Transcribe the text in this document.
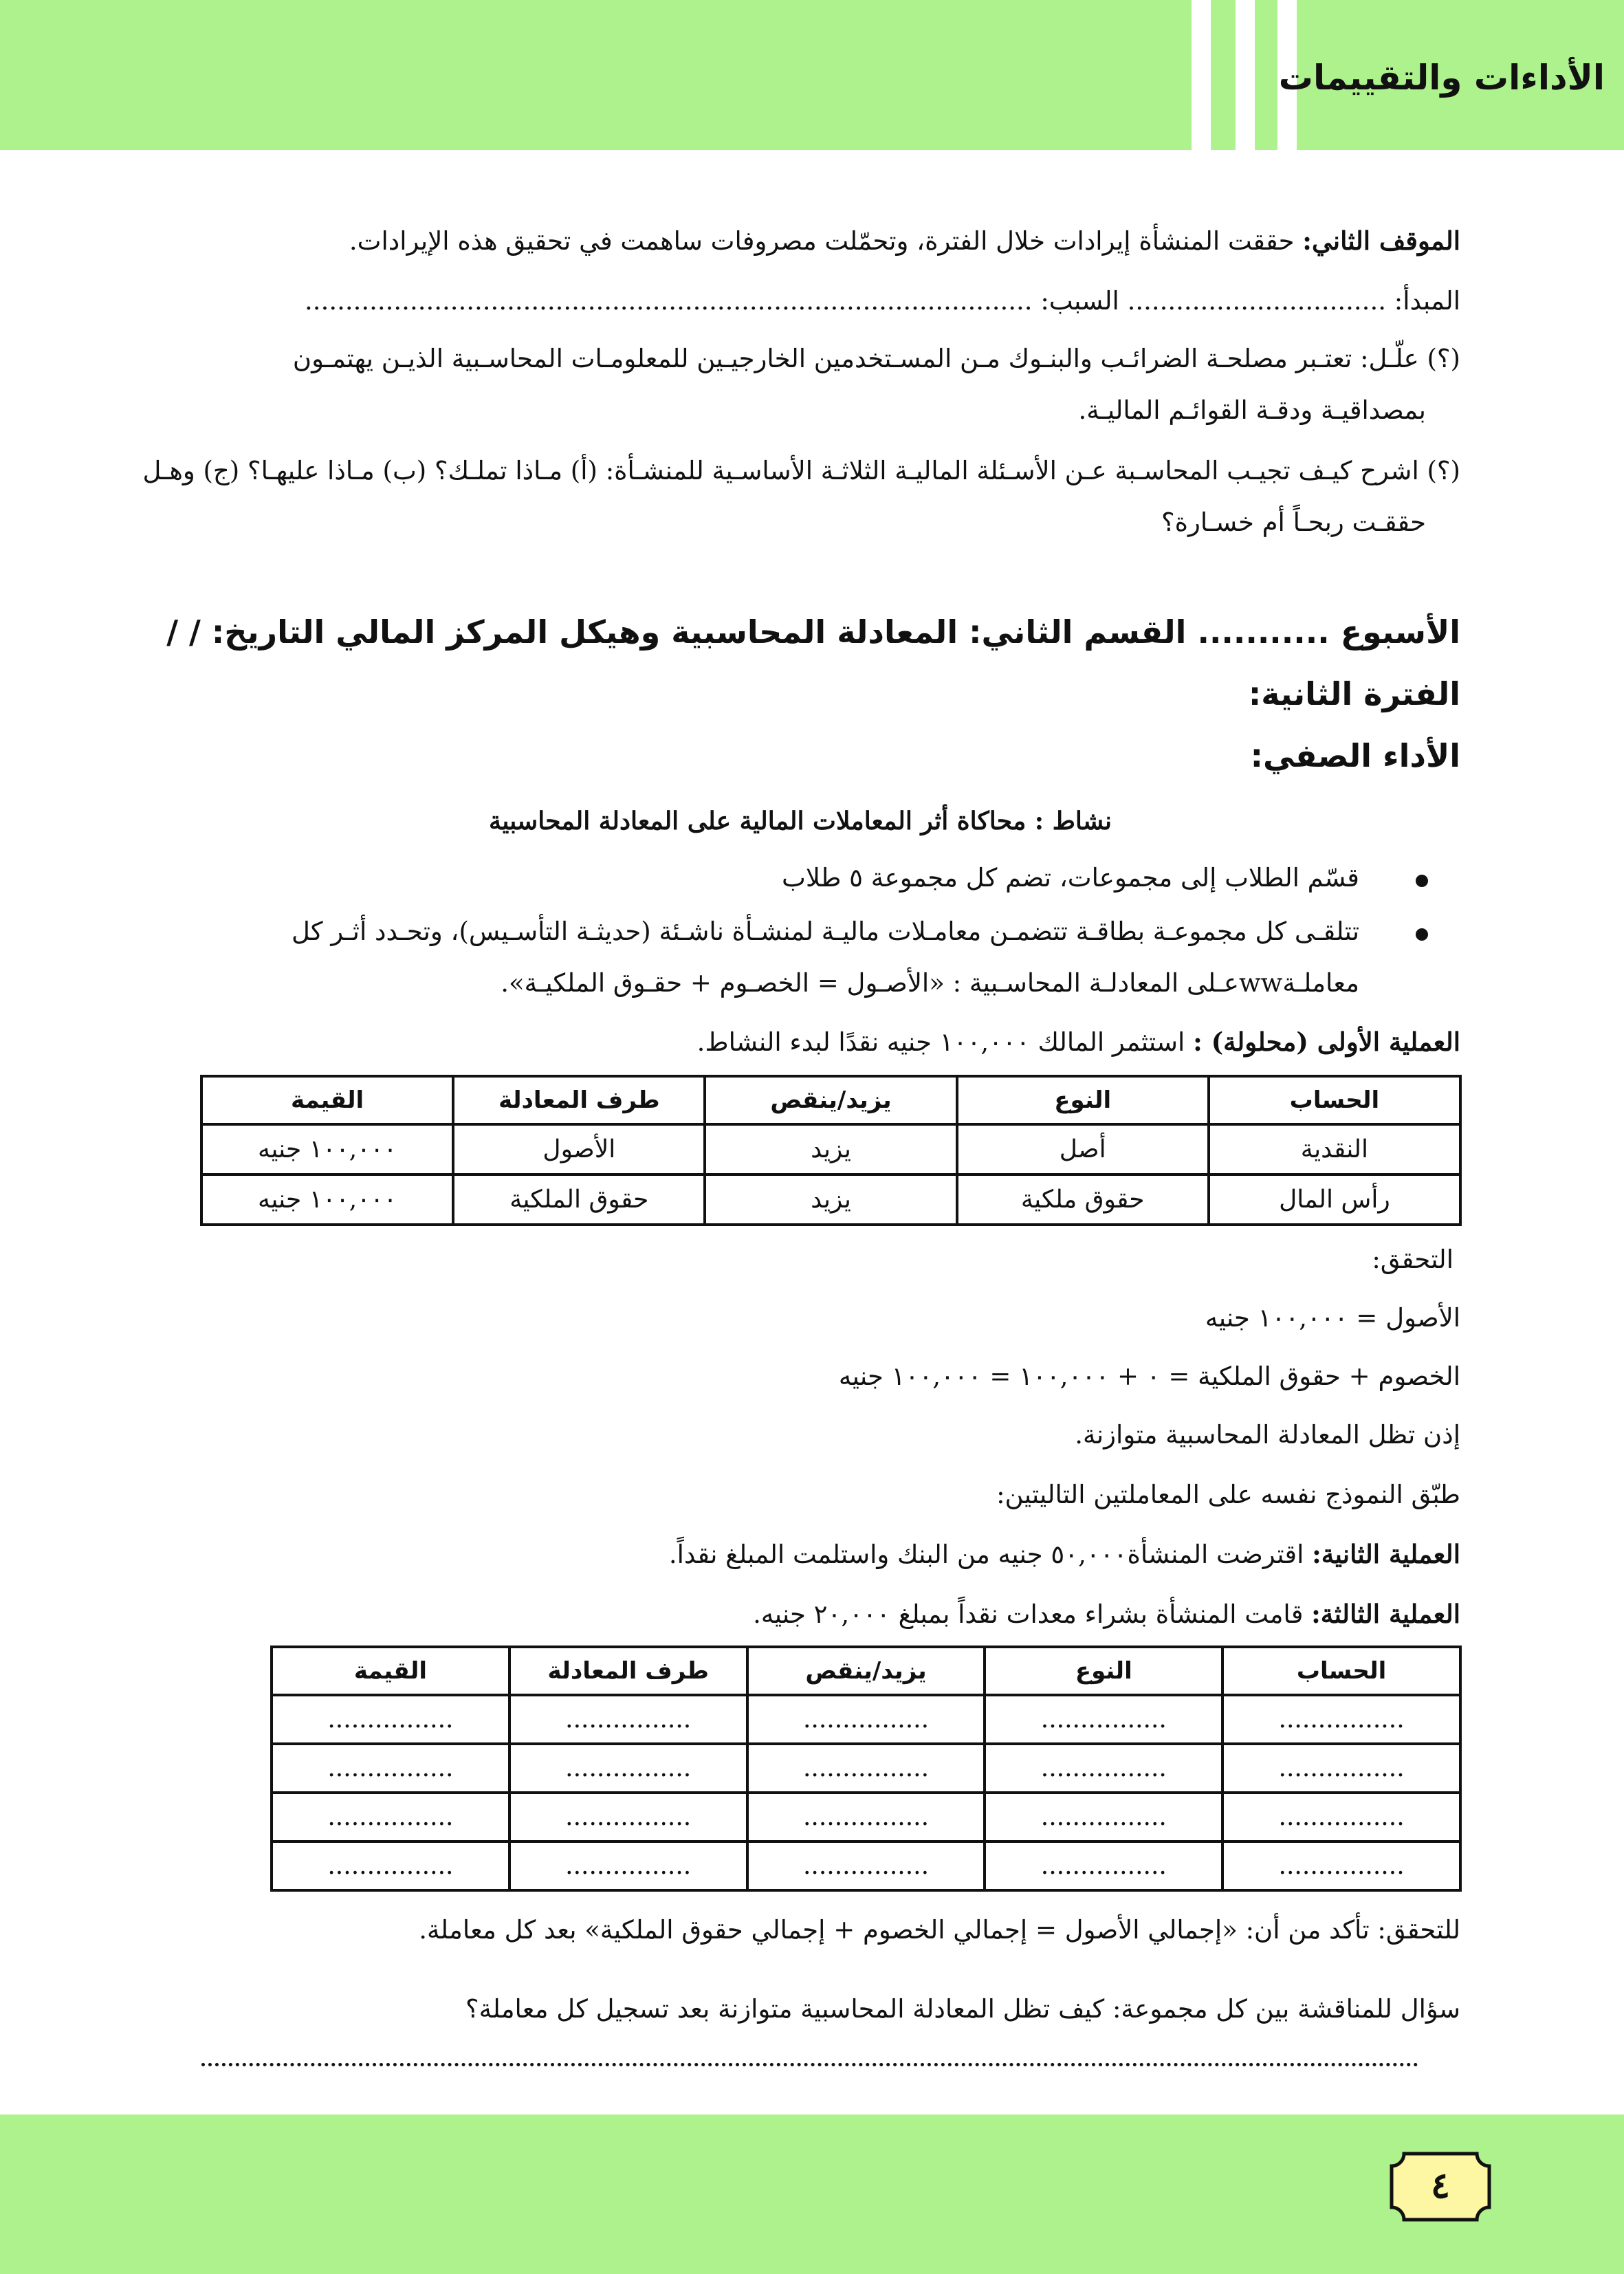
الأداءات والتقييمات
الموقف الثاني: حققت المنشأة إيرادات خلال الفترة، وتحمّلت مصروفات ساهمت في تحقيق هذه الإيرادات.
المبدأ: ................................ السبب: ..........................................................................................
(؟) علّـل: تعتـبر مصلحـة الضرائـب والبنـوك مـن المسـتخدمين الخارجيـين للمعلومـات المحاسـبية الذيـن يهتمـون
بمصداقيـة ودقـة القوائـم الماليـة.
(؟) اشرح كيـف تجيـب المحاسـبة عـن الأسـئلة الماليـة الثلاثـة الأساسـية للمنشـأة: (أ) مـاذا تملـك؟ (ب) مـاذا عليهـا؟ (ج) وهـل
حققـت ربحـاً أم خسـارة؟
الأسبوع ........... القسم الثاني: المعادلة المحاسبية وهيكل المركز المالي التاريخ: / /
الفترة الثانية:
الأداء الصفي:
نشاط : محاكاة أثر المعاملات المالية على المعادلة المحاسبية
قسّم الطلاب إلى مجموعات، تضم كل مجموعة ٥ طلاب
تتلقـى كل مجموعـة بطاقـة تتضمـن معامـلات ماليـة لمنشـأة ناشـئة (حديثـة التأسـيس)، وتحـدد أثـر كل
معاملـةwwعـلى المعادلـة المحاسـبية : «الأصـول = الخصـوم + حقـوق الملكيـة».
العملية الأولى (محلولة) : استثمر المالك ١٠٠,٠٠٠ جنيه نقدًا لبدء النشاط.
الحساب	النوع	يزيد/ينقص	طرف المعادلة	القيمة
النقدية	أصل	يزيد	الأصول	١٠٠,٠٠٠ جنيه
رأس المال	حقوق ملكية	يزيد	حقوق الملكية	١٠٠,٠٠٠ جنيه
التحقق:
الأصول = ١٠٠,٠٠٠ جنيه
الخصوم + حقوق الملكية = ٠ + ١٠٠,٠٠٠ = ١٠٠,٠٠٠ جنيه
إذن تظل المعادلة المحاسبية متوازنة.
طبّق النموذج نفسه على المعاملتين التاليتين:
العملية الثانية: اقترضت المنشأة٥٠,٠٠٠ جنيه من البنك واستلمت المبلغ نقداً.
العملية الثالثة: قامت المنشأة بشراء معدات نقداً بمبلغ ٢٠,٠٠٠ جنيه.
الحساب	النوع	يزيد/ينقص	طرف المعادلة	القيمة
................	................	................	................	................
................	................	................	................	................
................	................	................	................	................
................	................	................	................	................
للتحقق: تأكد من أن: «إجمالي الأصول = إجمالي الخصوم + إجمالي حقوق الملكية» بعد كل معاملة.
سؤال للمناقشة بين كل مجموعة: كيف تظل المعادلة المحاسبية متوازنة بعد تسجيل كل معاملة؟
٤
